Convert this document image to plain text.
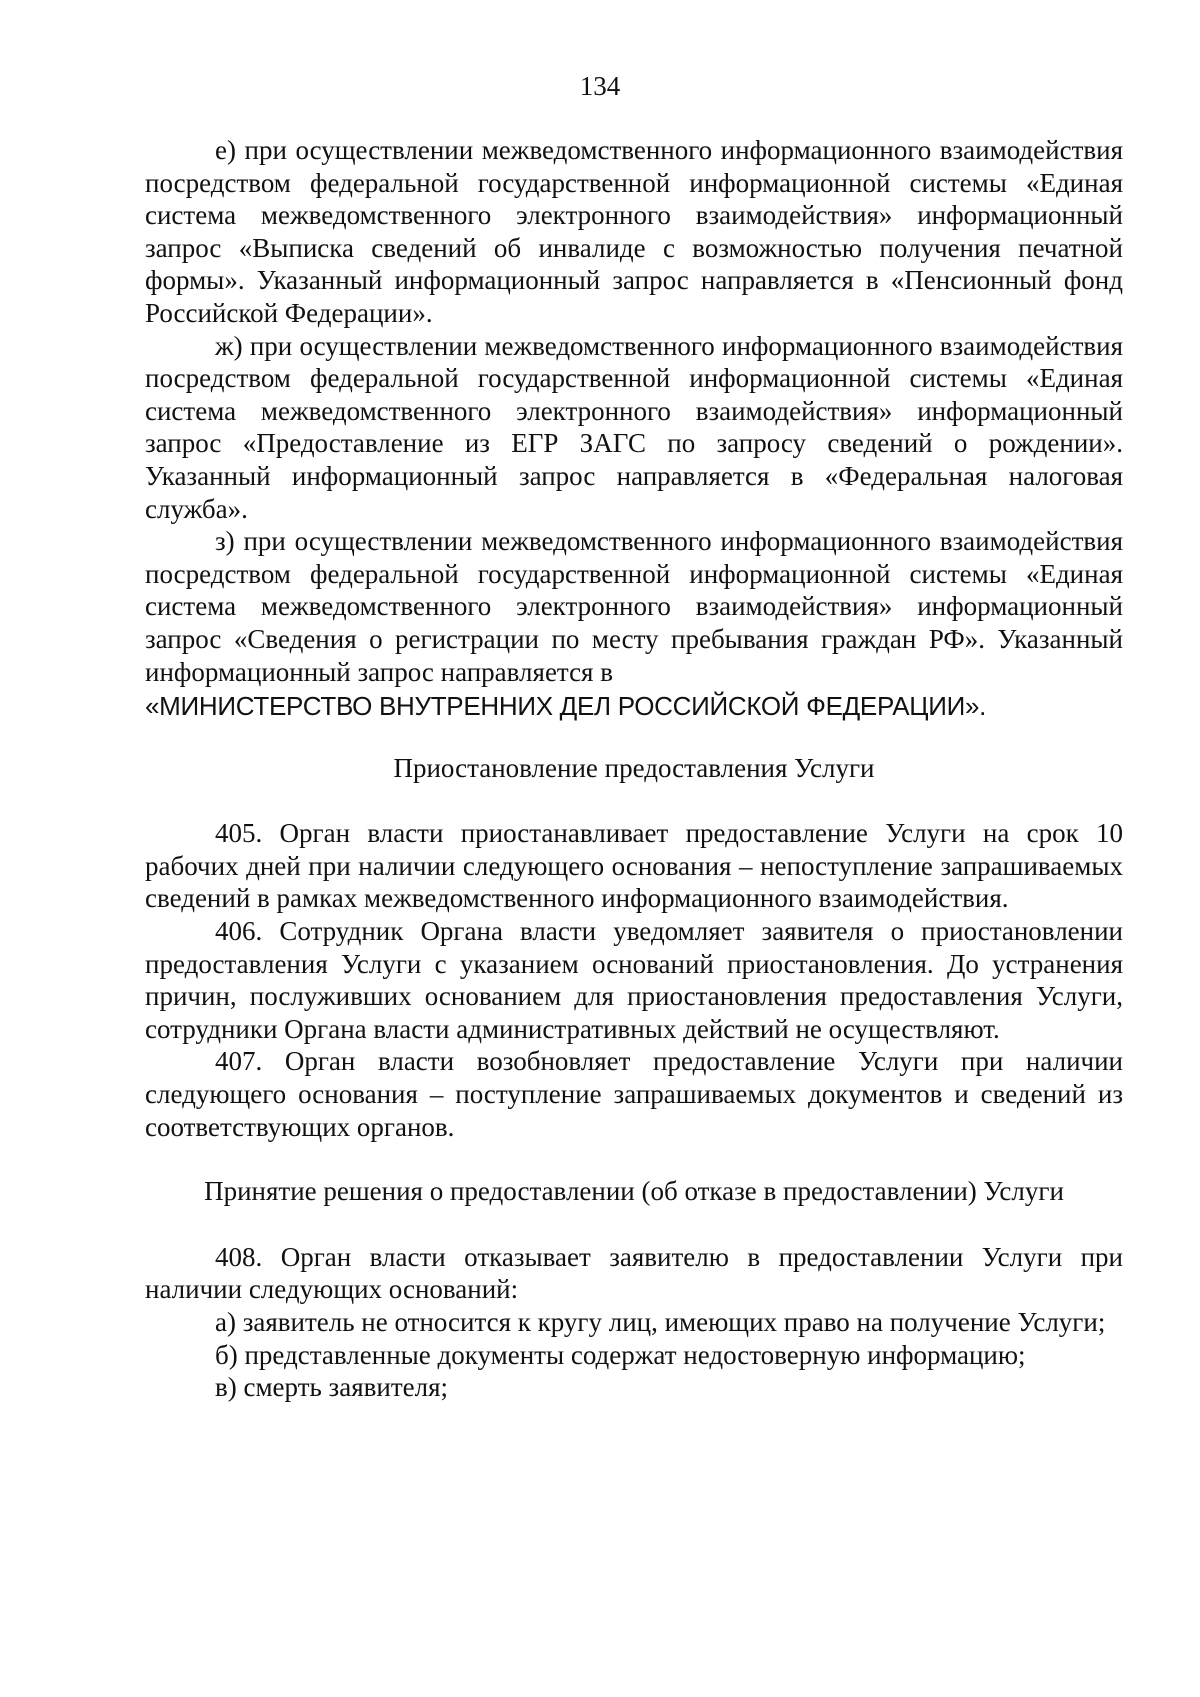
134

е) при осуществлении межведомственного информационного взаимодействия посредством федеральной государственной информационной системы «Единая система межведомственного электронного взаимодействия» информационный запрос «Выписка сведений об инвалиде с возможностью получения печатной формы». Указанный информационный запрос направляется в «Пенсионный фонд Российской Федерации».

ж) при осуществлении межведомственного информационного взаимодействия посредством федеральной государственной информационной системы «Единая система межведомственного электронного взаимодействия» информационный запрос «Предоставление из ЕГР ЗАГС по запросу сведений о рождении». Указанный информационный запрос направляется в «Федеральная налоговая служба».

з) при осуществлении межведомственного информационного взаимодействия посредством федеральной государственной информационной системы «Единая система межведомственного электронного взаимодействия» информационный запрос «Сведения о регистрации по месту пребывания граждан РФ». Указанный информационный запрос направляется в

«МИНИСТЕРСТВО ВНУТРЕННИХ ДЕЛ РОССИЙСКОЙ ФЕДЕРАЦИИ».

Приостановление предоставления Услуги

405. Орган власти приостанавливает предоставление Услуги на срок 10 рабочих дней при наличии следующего основания – непоступление запрашиваемых сведений в рамках межведомственного информационного взаимодействия.

406. Сотрудник Органа власти уведомляет заявителя о приостановлении предоставления Услуги с указанием оснований приостановления. До устранения причин, послуживших основанием для приостановления предоставления Услуги, сотрудники Органа власти административных действий не осуществляют.

407. Орган власти возобновляет предоставление Услуги при наличии следующего основания – поступление запрашиваемых документов и сведений из соответствующих органов.

Принятие решения о предоставлении (об отказе в предоставлении) Услуги

408. Орган власти отказывает заявителю в предоставлении Услуги при наличии следующих оснований:

а) заявитель не относится к кругу лиц, имеющих право на получение Услуги;

б) представленные документы содержат недостоверную информацию;

в) смерть заявителя;
